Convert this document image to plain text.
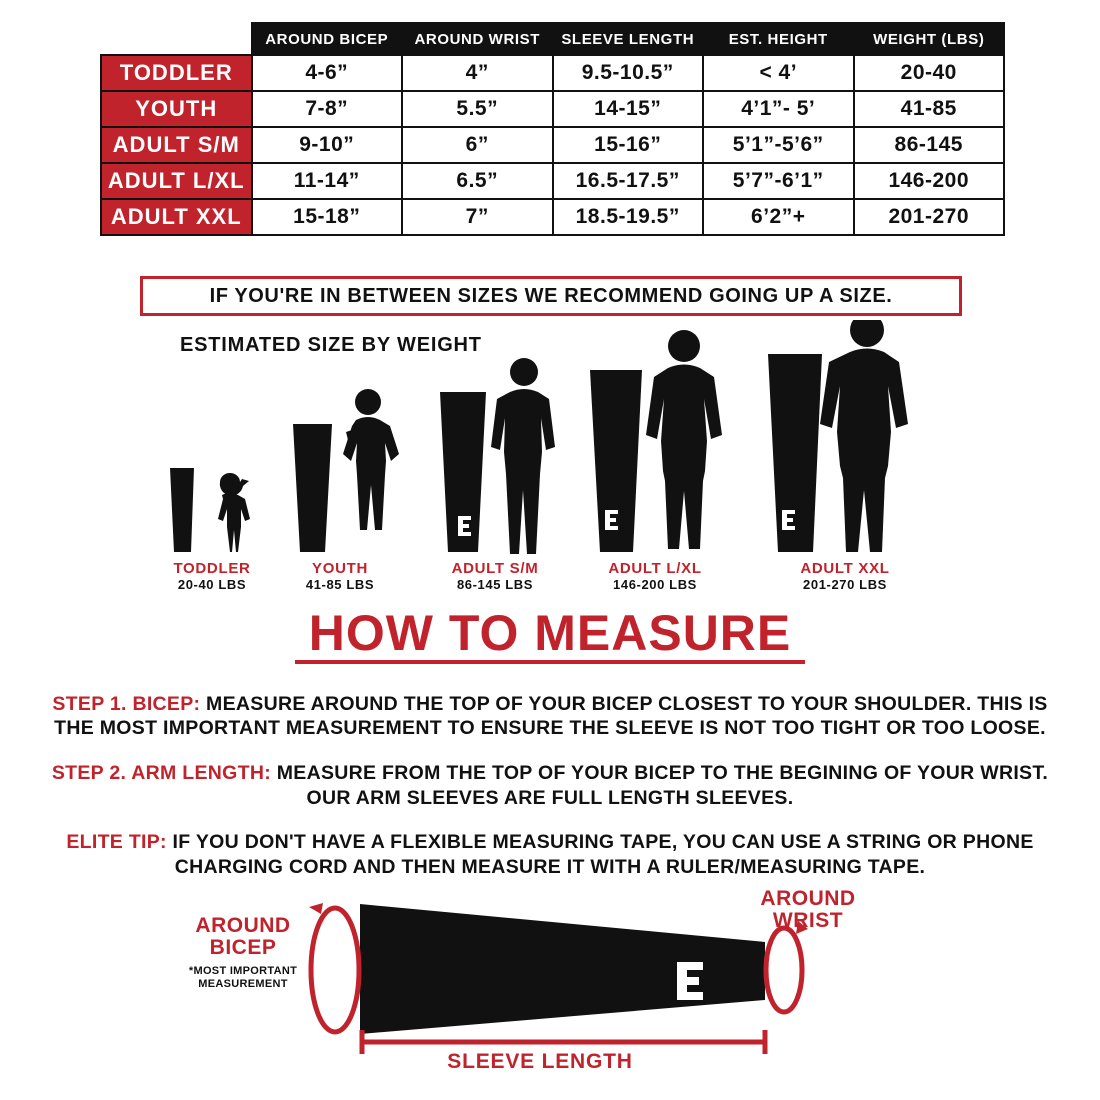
	AROUND BICEP	AROUND WRIST	SLEEVE LENGTH	EST. HEIGHT	WEIGHT (LBS)
TODDLER	4-6”	4”	9.5-10.5”	< 4’	20-40
YOUTH	7-8”	5.5”	14-15”	4’1”- 5’	41-85
ADULT S/M	9-10”	6”	15-16”	5’1”-5’6”	86-145
ADULT L/XL	11-14”	6.5”	16.5-17.5”	5’7”-6’1”	146-200
ADULT XXL	15-18”	7”	18.5-19.5”	6’2”+	201-270
IF YOU'RE IN BETWEEN SIZES WE RECOMMEND GOING UP A SIZE.
ESTIMATED SIZE BY WEIGHT
TODDLER
20-40 LBS
YOUTH
41-85 LBS
ADULT S/M
86-145 LBS
ADULT L/XL
146-200 LBS
ADULT XXL
201-270 LBS
HOW TO MEASURE

STEP 1. BICEP: MEASURE AROUND THE TOP OF YOUR BICEP CLOSEST TO YOUR SHOULDER. THIS IS THE MOST IMPORTANT MEASUREMENT TO ENSURE THE SLEEVE IS NOT TOO TIGHT OR TOO LOOSE.

STEP 2. ARM LENGTH: MEASURE FROM THE TOP OF YOUR BICEP TO THE BEGINING OF YOUR WRIST. OUR ARM SLEEVES ARE FULL LENGTH SLEEVES.

ELITE TIP: IF YOU DON'T HAVE A FLEXIBLE MEASURING TAPE, YOU CAN USE A STRING OR PHONE CHARGING CORD AND THEN MEASURE IT WITH A RULER/MEASURING TAPE.

AROUND
BICEP
*MOST IMPORTANT MEASUREMENT
AROUND
WRIST
SLEEVE LENGTH
